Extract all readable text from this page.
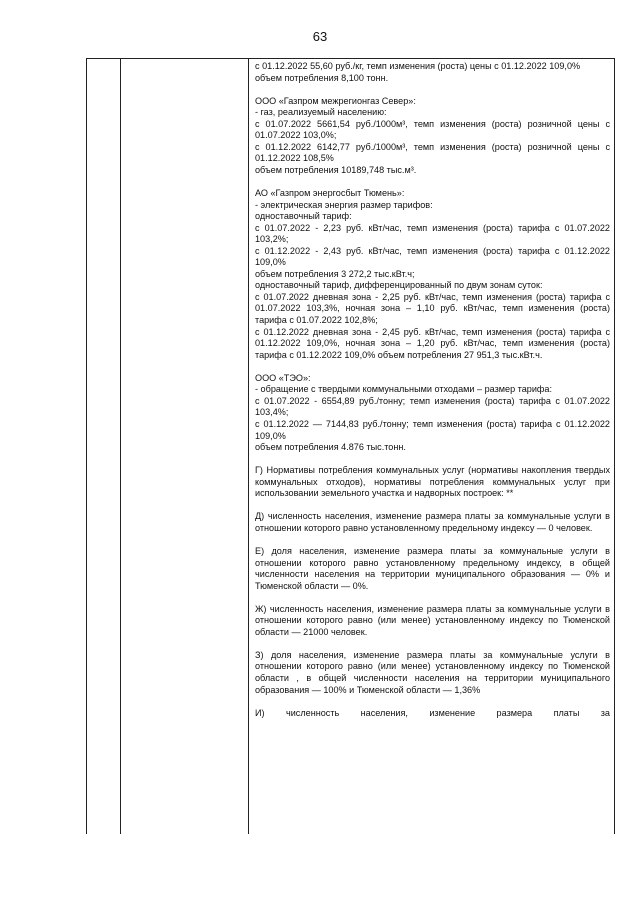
63

с 01.12.2022 55,60 руб./кг, темп изменения (роста) цены с 01.12.2022 109,0%

объем потребления 8,100 тонн.

ООО «Газпром межрегионгаз Север»:

- газ, реализуемый населению:

с 01.07.2022 5661,54 руб./1000м³, темп изменения (роста) розничной цены с 01.07.2022 103,0%;

с 01.12.2022 6142,77 руб./1000м³, темп изменения (роста) розничной цены с 01.12.2022 108,5%

объем потребления 10189,748 тыс.м³.

АО «Газпром энергосбыт Тюмень»:

- электрическая энергия размер тарифов:

одноставочный тариф:

с 01.07.2022 - 2,23 руб. кВт/час, темп изменения (роста) тарифа с 01.07.2022 103,2%;

с 01.12.2022 - 2,43 руб. кВт/час, темп изменения (роста) тарифа с 01.12.2022 109,0%

объем потребления 3 272,2 тыс.кВт.ч;

одноставочный тариф, дифференцированный по двум зонам суток:

с 01.07.2022 дневная зона - 2,25 руб. кВт/час, темп изменения (роста) тарифа с 01.07.2022 103,3%, ночная зона – 1,10 руб. кВт/час, темп изменения (роста) тарифа с 01.07.2022 102,8%;

с 01.12.2022 дневная зона - 2,45 руб. кВт/час, темп изменения (роста) тарифа с 01.12.2022 109,0%, ночная зона – 1,20 руб. кВт/час, темп изменения (роста) тарифа с 01.12.2022 109,0% объем потребления 27 951,3 тыс.кВт.ч.

ООО «ТЭО»:

- обращение с твердыми коммунальными отходами – размер тарифа:

с 01.07.2022 - 6554,89 руб./тонну; темп изменения (роста) тарифа с 01.07.2022 103,4%;

с 01.12.2022 — 7144,83 руб./тонну; темп изменения (роста) тарифа с 01.12.2022 109,0%

объем потребления 4.876 тыс.тонн.

Г) Нормативы потребления коммунальных услуг (нормативы накопления твердых коммунальных отходов), нормативы потребления коммунальных услуг при использовании земельного участка и надворных построек: **

Д) численность населения, изменение размера платы за коммунальные услуги в отношении которого равно установленному предельному индексу — 0 человек.

Е) доля населения, изменение размера платы за коммунальные услуги в отношении которого равно установленному предельному индексу, в общей численности населения на территории муниципального образования — 0% и Тюменской области — 0%.

Ж) численность населения, изменение размера платы за коммунальные услуги в отношении которого равно (или менее) установленному индексу по Тюменской области — 21000 человек.

З) доля населения, изменение размера платы за коммунальные услуги в отношении которого равно (или менее) установленному индексу по Тюменской области , в общей численности населения на территории муниципального образования — 100% и Тюменской области — 1,36%

И) численность населения, изменение размера платы за
